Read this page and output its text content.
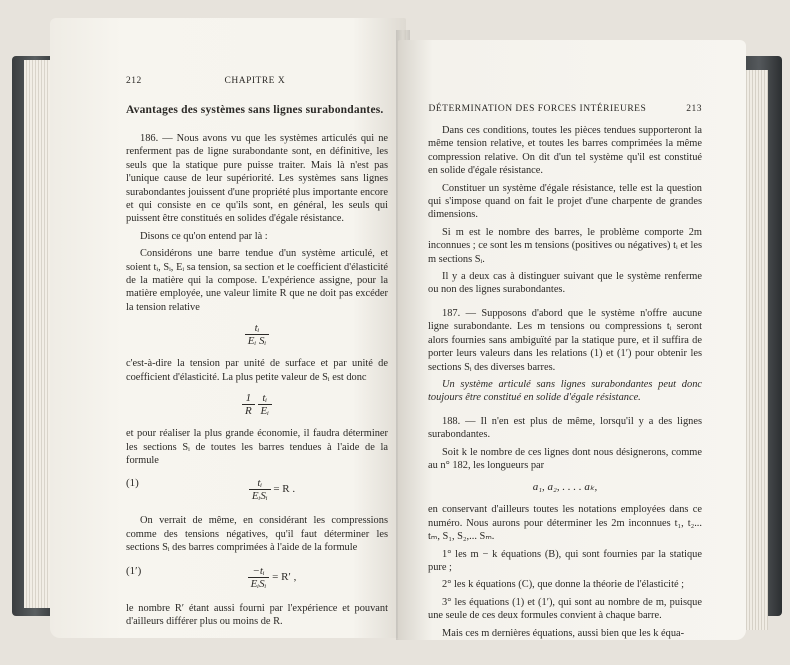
212	CHAPITRE X
Avantages des systèmes sans lignes surabondantes.

186. — Nous avons vu que les systèmes articulés qui ne renferment pas de ligne surabondante sont, en définitive, les seuls que la statique pure puisse traiter. Mais là n'est pas l'unique cause de leur supériorité. Les systèmes sans lignes surabondantes jouissent d'une propriété plus importante encore et qui consiste en ce qu'ils sont, en général, les seuls qui puissent être constitués en solides d'égale résistance.

Disons ce qu'on entend par là :

Considérons une barre tendue d'un système articulé, et soient tᵢ, Sᵢ, Eᵢ sa tension, sa section et le coefficient d'élasticité de la matière qui la compose. L'expérience assigne, pour la matière employée, une valeur limite R que ne doit pas excéder la tension relative

$\frac{\text{tᵢ}}{\text{Eᵢ Sᵢ}}$

c'est-à-dire la tension par unité de surface et par unité de coefficient d'élasticité. La plus petite valeur de Sᵢ est donc

$\frac{1}{R}$
$\frac{\text{tᵢ}}{\text{Eᵢ}}$

et pour réaliser la plus grande économie, il faudra déterminer les sections Sᵢ de toutes les barres tendues à l'aide de la formule

(1)	$\frac{\text{tᵢ}}{\text{EᵢSᵢ}} = R$ .

On verrait de même, en considérant les compressions comme des tensions négatives, qu'il faut déterminer les sections Sᵢ des barres comprimées à l'aide de la formule

(1′)	$\frac{\text{−tᵢ}}{\text{EᵢSᵢ}} = R'$ ,

le nombre R′ étant aussi fourni par l'expérience et pouvant d'ailleurs différer plus ou moins de R.

DÉTERMINATION DES FORCES INTÉRIEURES	213

Dans ces conditions, toutes les pièces tendues supporteront la même tension relative, et toutes les barres comprimées la même compression relative. On dit d'un tel système qu'il est constitué en solide d'égale résistance.

Constituer un système d'égale résistance, telle est la question qui s'impose quand on fait le projet d'une charpente de grandes dimensions.

Si m est le nombre des barres, le problème comporte 2m inconnues ; ce sont les m tensions (positives ou négatives) tᵢ et les m sections Sᵢ.

Il y a deux cas à distinguer suivant que le système renferme ou non des lignes surabondantes.

187. — Supposons d'abord que le système n'offre aucune ligne surabondante. Les m tensions ou compressions tᵢ seront alors fournies sans ambiguïté par la statique pure, et il suffira de porter leurs valeurs dans les relations (1) et (1′) pour obtenir les sections Sᵢ des diverses barres.

Un système articulé sans lignes surabondantes peut donc toujours être constitué en solide d'égale résistance.

188. — Il n'en est plus de même, lorsqu'il y a des lignes surabondantes.

Soit k le nombre de ces lignes dont nous désignerons, comme au n° 182, les longueurs par

a₁, a₂, . . . . aₖ,

en conservant d'ailleurs toutes les notations employées dans ce numéro. Nous aurons pour déterminer les 2m inconnues t₁, t₂... tₘ, S₁, S₂,... Sₘ.

1° les m − k équations (B), qui sont fournies par la statique pure ;

2° les k équations (C), que donne la théorie de l'élasticité ;

3° les équations (1) et (1′), qui sont au nombre de m, puisque une seule de ces deux formules convient à chaque barre.

Mais ces m dernières équations, aussi bien que les k équa-
